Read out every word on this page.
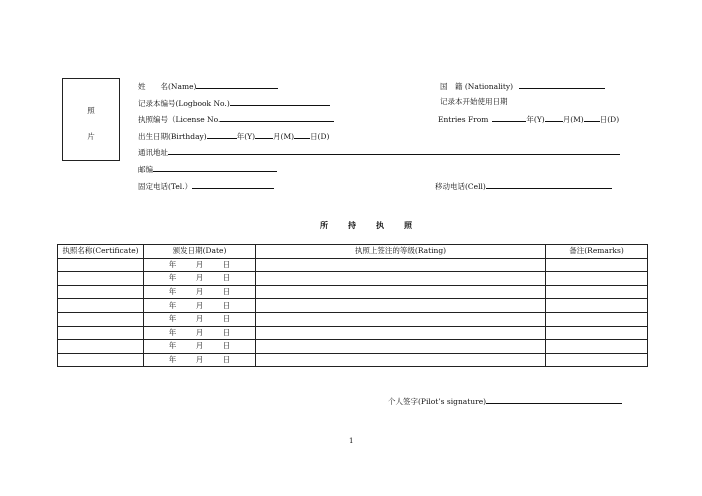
照
片
姓　　名(Name)
记录本编号(Logbook No.)
执照编号（License No.
出生日期(Birthday)	年(Y) 月(M) 日(D)
通讯地址
邮编
固定电话(Tel.）
国　籍 (Nationality)
记录本开始使用日期
Entries From	年(Y) 月(M) 日(D)
移动电话(Cell)
所　持　执　照
执照名称(Certificate)	颁发日期(Date)	执照上签注的等级(Rating)	备注(Remarks)
	年 月 日		
	年 月 日		
	年 月 日		
	年 月 日		
	年 月 日		
	年 月 日		
	年 月 日		
	年 月 日		
个人签字(Pilot’s signature)
1
